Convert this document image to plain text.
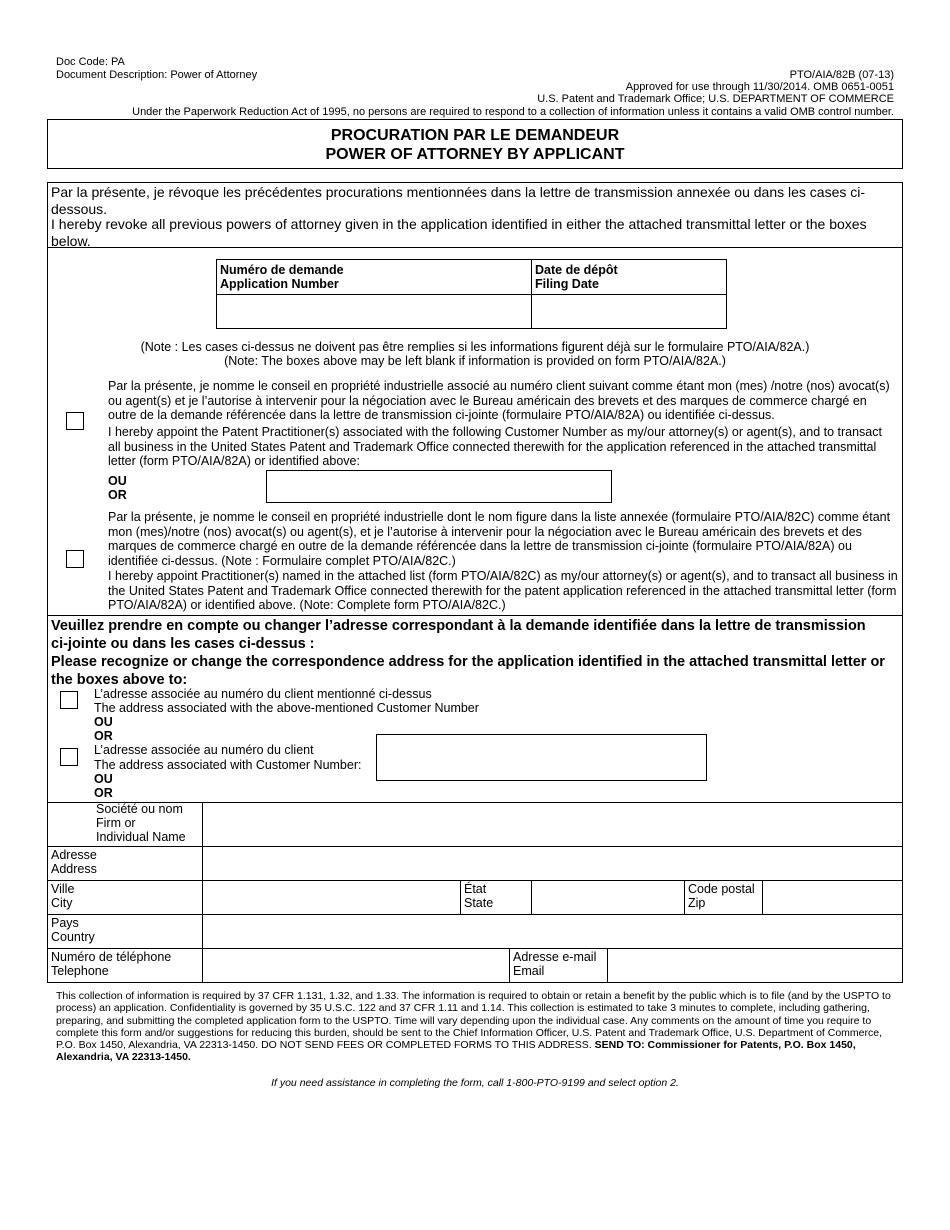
Doc Code: PA
Document Description: Power of Attorney	PTO/AIA/82B (07-13)
Approved for use through 11/30/2014. OMB 0651-0051
U.S. Patent and Trademark Office; U.S. DEPARTMENT OF COMMERCE
Under the Paperwork Reduction Act of 1995, no persons are required to respond to a collection of information unless it contains a valid OMB control number.
PROCURATION PAR LE DEMANDEUR
POWER OF ATTORNEY BY APPLICANT
Par la présente, je révoque les précédentes procurations mentionnées dans la lettre de transmission annexée ou dans les cases ci-dessous.
I hereby revoke all previous powers of attorney given in the application identified in either the attached transmittal letter or the boxes below.
Numéro de demande
Application Number
Date de dépôt
Filing Date
(Note : Les cases ci-dessus ne doivent pas être remplies si les informations figurent déjà sur le formulaire PTO/AIA/82A.)
(Note: The boxes above may be left blank if information is provided on form PTO/AIA/82A.)
Par la présente, je nomme le conseil en propriété industrielle associé au numéro client suivant comme étant mon (mes) /notre (nos) avocat(s) ou agent(s) et je l’autorise à intervenir pour la négociation avec le Bureau américain des brevets et des marques de commerce chargé en outre de la demande référencée dans la lettre de transmission ci-jointe (formulaire PTO/AIA/82A) ou identifiée ci-dessus.
I hereby appoint the Patent Practitioner(s) associated with the following Customer Number as my/our attorney(s) or agent(s), and to transact all business in the United States Patent and Trademark Office connected therewith for the application referenced in the attached transmittal letter (form PTO/AIA/82A) or identified above:
OU
OR
Par la présente, je nomme le conseil en propriété industrielle dont le nom figure dans la liste annexée (formulaire PTO/AIA/82C) comme étant mon (mes)/notre (nos) avocat(s) ou agent(s), et je l’autorise à intervenir pour la négociation avec le Bureau américain des brevets et des marques de commerce chargé en outre de la demande référencée dans la lettre de transmission ci-jointe (formulaire PTO/AIA/82A) ou identifiée ci-dessus. (Note : Formulaire complet PTO/AIA/82C.)
I hereby appoint Practitioner(s) named in the attached list (form PTO/AIA/82C) as my/our attorney(s) or agent(s), and to transact all business in the United States Patent and Trademark Office connected therewith for the patent application referenced in the attached transmittal letter (form PTO/AIA/82A) or identified above. (Note: Complete form PTO/AIA/82C.)
Veuillez prendre en compte ou changer l’adresse correspondant à la demande identifiée dans la lettre de transmission ci-jointe ou dans les cases ci-dessus :
Please recognize or change the correspondence address for the application identified in the attached transmittal letter or the boxes above to:
L’adresse associée au numéro du client mentionné ci-dessus
The address associated with the above-mentioned Customer Number
OU
OR
L’adresse associée au numéro du client
The address associated with Customer Number:
OU
OR
Société ou nom
Firm or
Individual Name
Adresse
Address
Ville
City
État
State
Code postal
Zip
Pays
Country
Numéro de téléphone
Telephone
Adresse e-mail
Email
This collection of information is required by 37 CFR 1.131, 1.32, and 1.33. The information is required to obtain or retain a benefit by the public which is to file (and by the USPTO to process) an application. Confidentiality is governed by 35 U.S.C. 122 and 37 CFR 1.11 and 1.14. This collection is estimated to take 3 minutes to complete, including gathering, preparing, and submitting the completed application form to the USPTO. Time will vary depending upon the individual case. Any comments on the amount of time you require to complete this form and/or suggestions for reducing this burden, should be sent to the Chief Information Officer, U.S. Patent and Trademark Office, U.S. Department of Commerce, P.O. Box 1450, Alexandria, VA 22313-1450. DO NOT SEND FEES OR COMPLETED FORMS TO THIS ADDRESS. SEND TO: Commissioner for Patents, P.O. Box 1450, Alexandria, VA 22313-1450.
If you need assistance in completing the form, call 1-800-PTO-9199 and select option 2.
